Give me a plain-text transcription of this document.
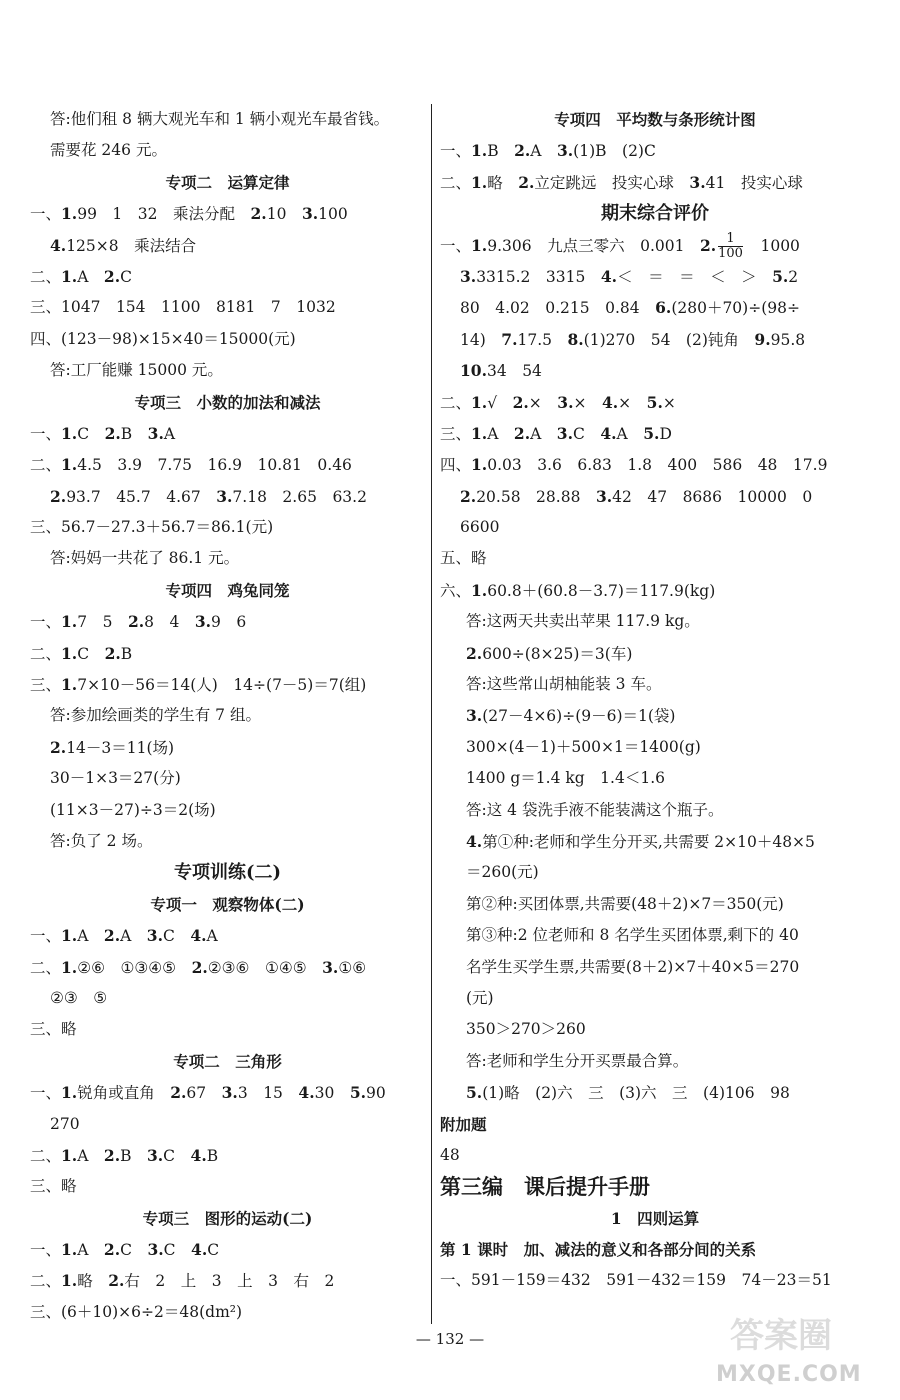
答:他们租 8 辆大观光车和 1 辆小观光车最省钱。
需要花 246 元。
专项二　运算定律
一、1.99　1　32　乘法分配　2.10　3.100
4.125×8　乘法结合
二、1.A　2.C
三、1047　154　1100　8181　7　1032
四、(123－98)×15×40＝15000(元)
答:工厂能赚 15000 元。
专项三　小数的加法和减法
一、1.C　2.B　3.A
二、1.4.5　3.9　7.75　16.9　10.81　0.46
2.93.7　45.7　4.67　3.7.18　2.65　63.2
三、56.7－27.3＋56.7＝86.1(元)
答:妈妈一共花了 86.1 元。
专项四　鸡兔同笼
一、1.7　5　2.8　4　3.9　6
二、1.C　2.B
三、1.7×10－56＝14(人)　14÷(7－5)＝7(组)
答:参加绘画类的学生有 7 组。
2.14－3＝11(场)
30－1×3＝27(分)
(11×3－27)÷3＝2(场)
答:负了 2 场。
专项训练(二)
专项一　观察物体(二)
一、1.A　2.A　3.C　4.A
二、1.②⑥　①③④⑤　2.②③⑥　①④⑤　3.①⑥
②③　⑤
三、略
专项二　三角形
一、1.锐角或直角　2.67　3.3　15　4.30　5.90
270
二、1.A　2.B　3.C　4.B
三、略
专项三　图形的运动(二)
一、1.A　2.C　3.C　4.C
二、1.略　2.右　2　上　3　上　3　右　2
三、(6＋10)×6÷2＝48(dm²)
专项四　平均数与条形统计图
一、1.B　2.A　3.(1)B　(2)C
二、1.略　2.立定跳远　投实心球　3.41　投实心球
期末综合评价
一、1.9.306　九点三零六　0.001　2. $\frac{1}{100}$ 　1000
3.3315.2　3315　4.＜　＝　＝　＜　＞　5.2
80　4.02　0.215　0.84　6.(280＋70)÷(98÷
14)　7.17.5　8.(1)270　54　(2)钝角　9.95.8
10.34　54
二、1.√　2.×　3.×　4.×　5.×
三、1.A　2.A　3.C　4.A　5.D
四、1.0.03　3.6　6.83　1.8　400　586　48　17.9
2.20.58　28.88　3.42　47　8686　10000　0
6600
五、略
六、1.60.8＋(60.8－3.7)＝117.9(kg)
答:这两天共卖出苹果 117.9 kg。
2.600÷(8×25)＝3(车)
答:这些常山胡柚能装 3 车。
3.(27－4×6)÷(9－6)＝1(袋)
300×(4－1)＋500×1＝1400(g)
1400 g＝1.4 kg　1.4＜1.6
答:这 4 袋洗手液不能装满这个瓶子。
4.第①种:老师和学生分开买,共需要 2×10＋48×5
＝260(元)
第②种:买团体票,共需要(48＋2)×7＝350(元)
第③种:2 位老师和 8 名学生买团体票,剩下的 40
名学生买学生票,共需要(8＋2)×7＋40×5＝270
(元)
350＞270＞260
答:老师和学生分开买票最合算。
5.(1)略　(2)六　三　(3)六　三　(4)106　98
附加题
48
第三编　课后提升手册
1　四则运算
第 1 课时　加、减法的意义和各部分间的关系
一、591－159＝432　591－432＝159　74－23＝51
— 132 —	答案圈
MXQE.COM
